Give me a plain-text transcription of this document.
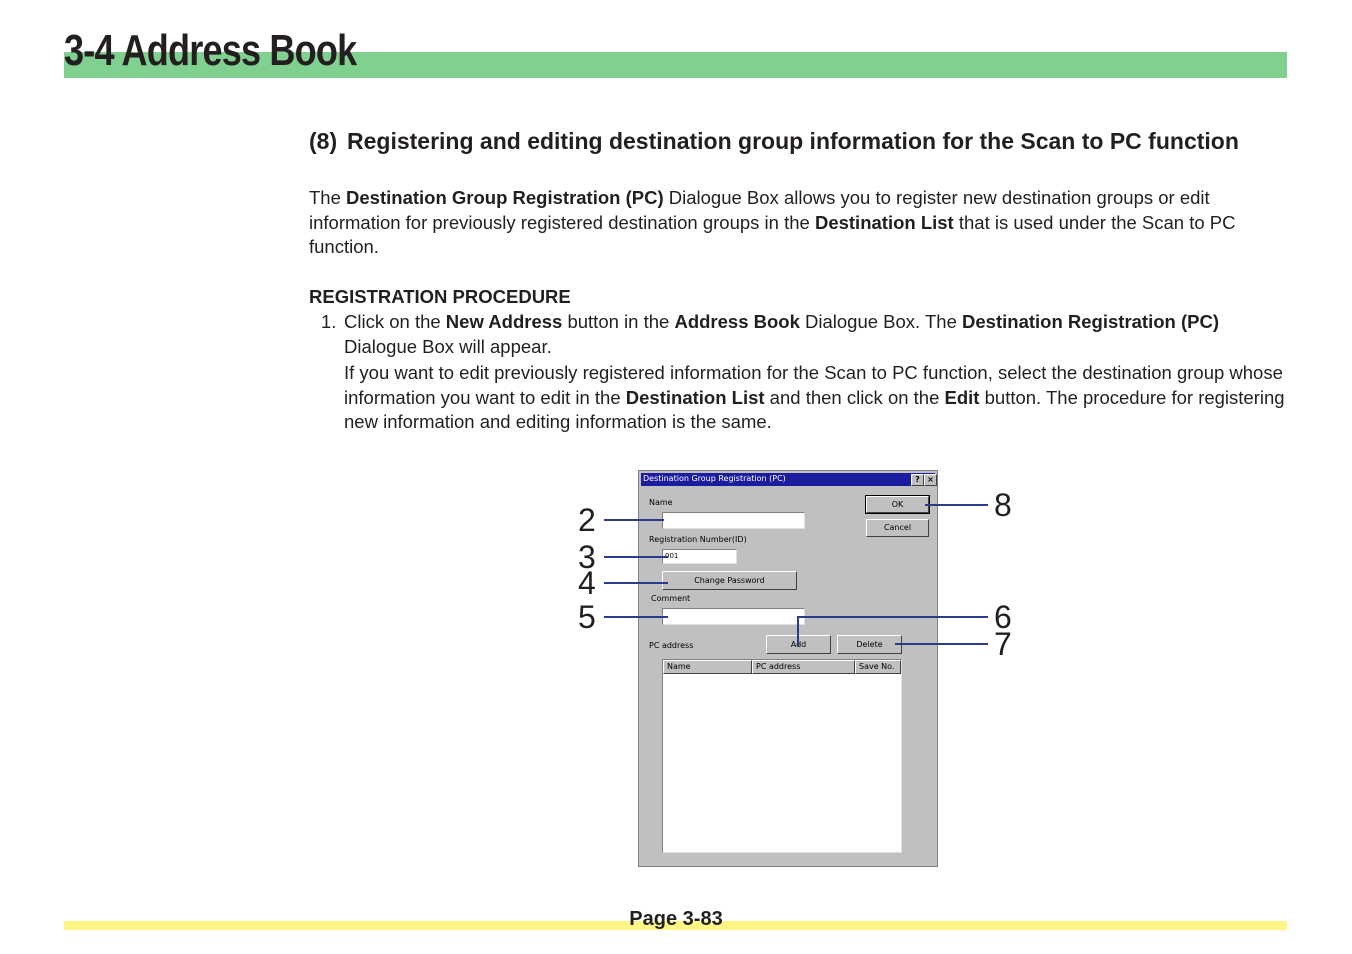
3-4 Address Book
(8) Registering and editing destination group information for the Scan to PC function
The Destination Group Registration (PC) Dialogue Box allows you to register new destination groups or edit information for previously registered destination groups in the Destination List that is used under the Scan to PC function.
REGISTRATION PROCEDURE
1. Click on the New Address button in the Address Book Dialogue Box. The Destination Registration (PC) Dialogue Box will appear.
If you want to edit previously registered information for the Scan to PC function, select the destination group whose information you want to edit in the Destination List and then click on the Edit button. The procedure for registering new information and editing information is the same.
Destination Group Registration (PC)	? ×
Name
Registration Number(ID)
001
Change Password
Comment
PC address	Add	Delete
OK
Cancel
Name	PC address	Save No.
2
3
4
5	6
7
8
Page 3-83
